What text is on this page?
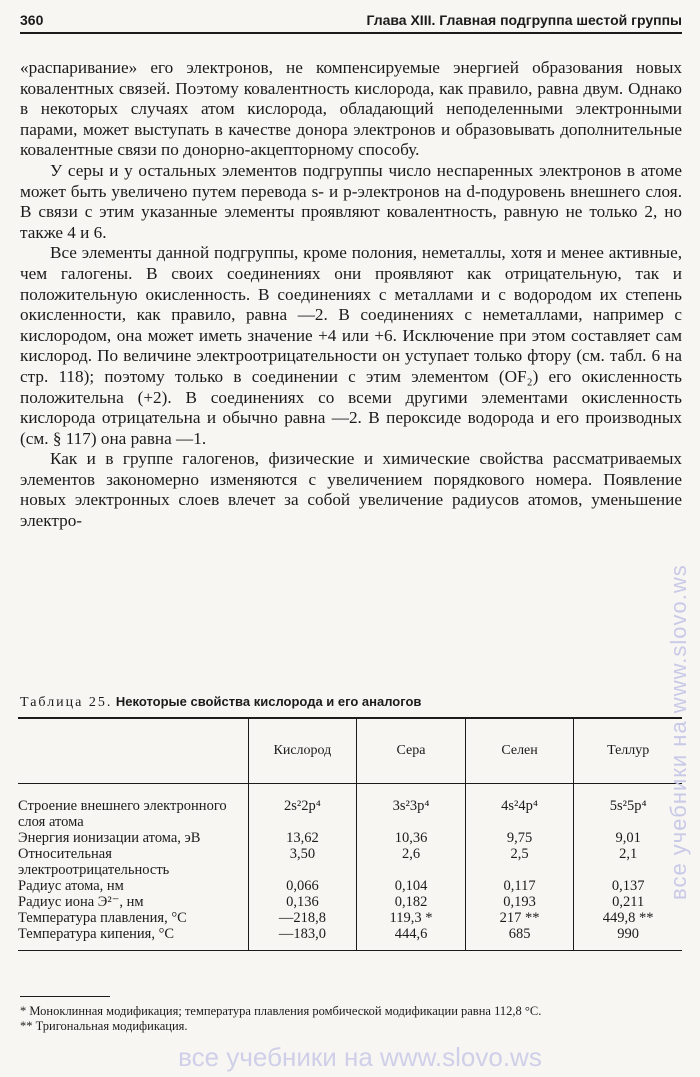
360	Глава XIII. Главная подгруппа шестой группы

«распаривание» его электронов, не компенсируемые энергией образования новых ковалентных связей. Поэтому ковалентность кислорода, как правило, равна двум. Однако в некоторых случаях атом кислорода, обладающий неподеленными электронными парами, может выступать в качестве донора электронов и образовывать дополнительные ковалентные связи по донорно-акцепторному способу.

У серы и у остальных элементов подгруппы число неспаренных электронов в атоме может быть увеличено путем перевода s- и p-электронов на d-подуровень внешнего слоя. В связи с этим указанные элементы проявляют ковалентность, равную не только 2, но также 4 и 6.

Все элементы данной подгруппы, кроме полония, неметаллы, хотя и менее активные, чем галогены. В своих соединениях они проявляют как отрицательную, так и положительную окисленность. В соединениях с металлами и с водородом их степень окисленности, как правило, равна —2. В соединениях с неметаллами, например с кислородом, она может иметь значение +4 или +6. Исключение при этом составляет сам кислород. По величине электроотрицательности он уступает только фтору (см. табл. 6 на стр. 118); поэтому только в соединении с этим элементом (OF₂) его окисленность положительна (+2). В соединениях со всеми другими элементами окисленность кислорода отрицательна и обычно равна —2. В пероксиде водорода и его производных (см. § 117) она равна —1.

Как и в группе галогенов, физические и химические свойства рассматриваемых элементов закономерно изменяются с увеличением порядкового номера. Появление новых электронных слоев влечет за собой увеличение радиусов атомов, уменьшение электро-

Таблица 25. Некоторые свойства кислорода и его аналогов
	Кислород	Сера	Селен	Теллур
Строение внешнего электронного слоя атома	2s²2p⁴	3s²3p⁴	4s²4p⁴	5s²5p⁴
Энергия ионизации атома, эВ	13,62	10,36	9,75	9,01
Относительная электроотрицательность	3,50	2,6	2,5	2,1
Радиус атома, нм	0,066	0,104	0,117	0,137
Радиус иона Э²⁻, нм	0,136	0,182	0,193	0,211
Температура плавления, °С	—218,8	119,3 *	217 **	449,8 **
Температура кипения, °С	—183,0	444,6	685	990

* Моноклинная модификация; температура плавления ромбической модификации равна 112,8 °С.

** Тригональная модификация.

все учебники на www.slovo.ws
все учебники на www.slovo.ws
